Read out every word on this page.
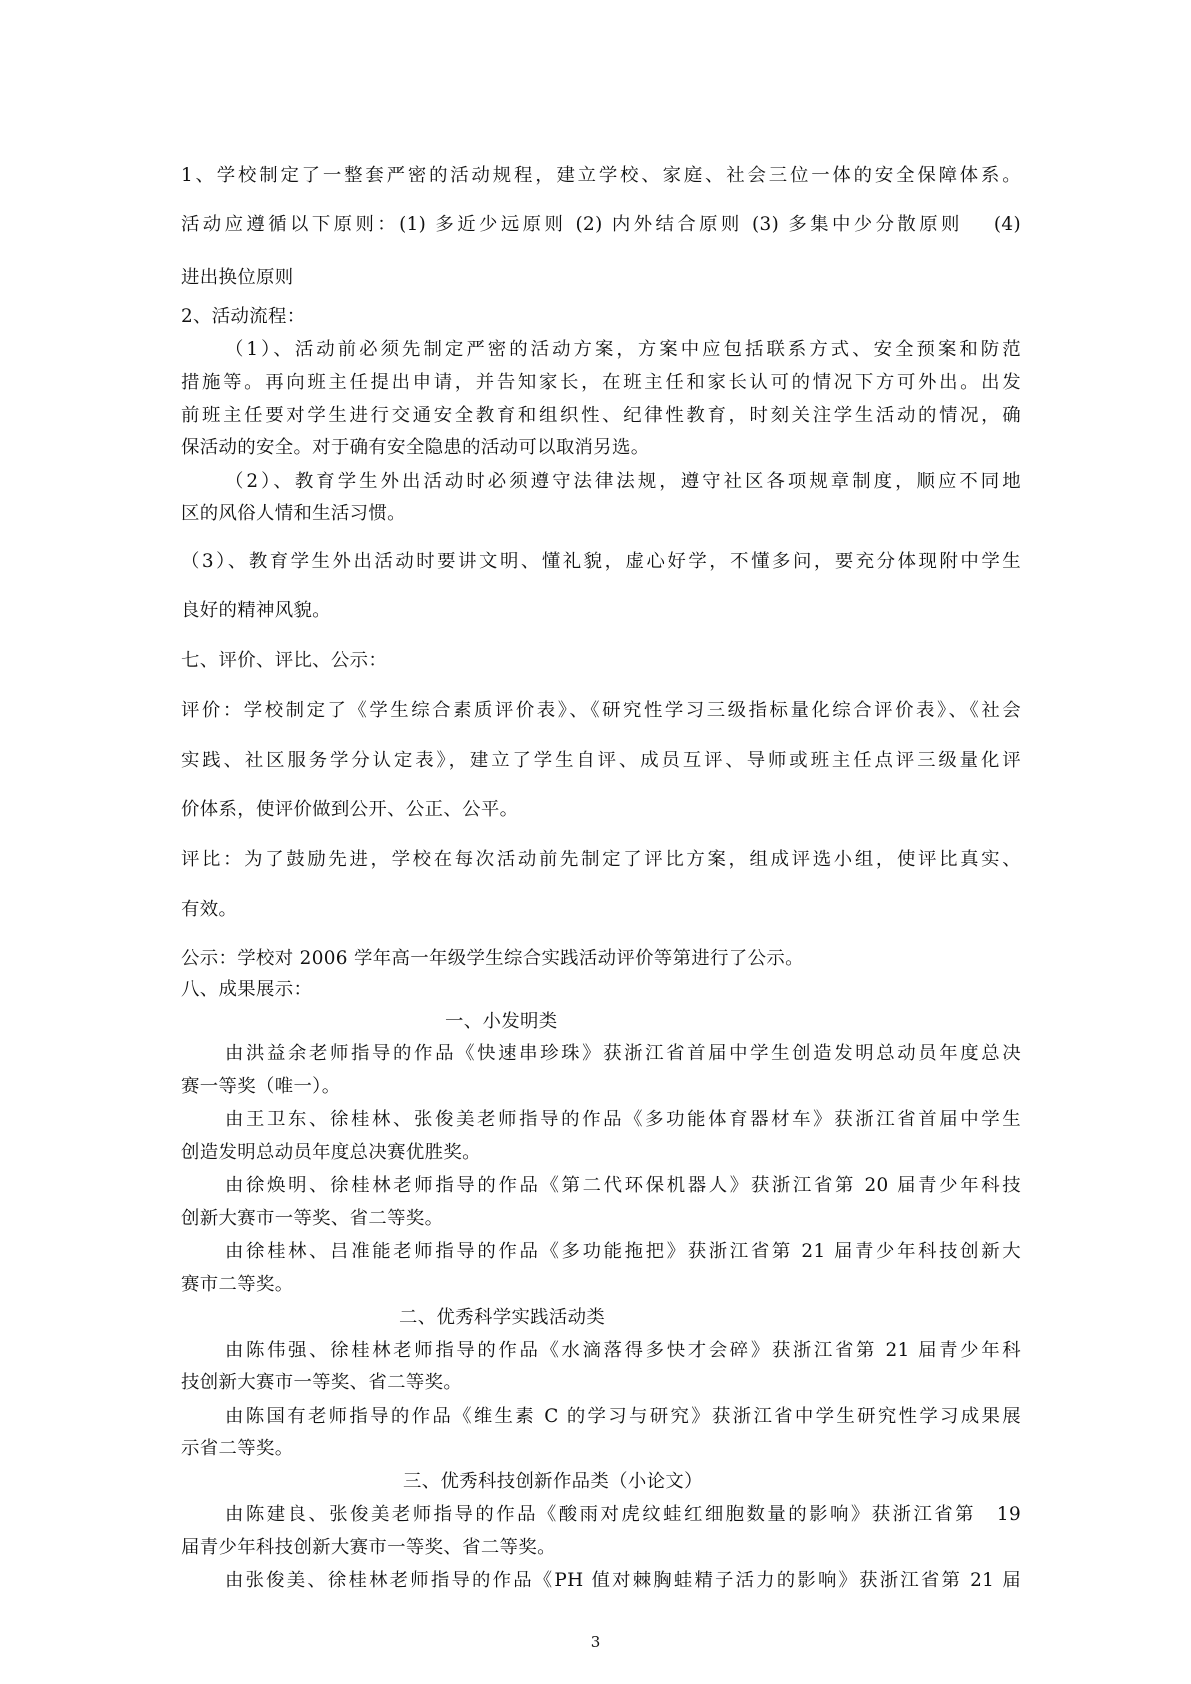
1、学校制定了一整套严密的活动规程，建立学校、家庭、社会三位一体的安全保障体系。
活动应遵循以下原则：(1) 多近少远原则 (2) 内外结合原则 (3) 多集中少分散原则　 (4)
进出换位原则
2、活动流程：
（1）、活动前必须先制定严密的活动方案，方案中应包括联系方式、安全预案和防范
措施等。再向班主任提出申请，并告知家长，在班主任和家长认可的情况下方可外出。出发
前班主任要对学生进行交通安全教育和组织性、纪律性教育，时刻关注学生活动的情况，确
保活动的安全。对于确有安全隐患的活动可以取消另选。
（2）、教育学生外出活动时必须遵守法律法规，遵守社区各项规章制度，顺应不同地
区的风俗人情和生活习惯。
（3）、教育学生外出活动时要讲文明、懂礼貌，虚心好学，不懂多问，要充分体现附中学生
良好的精神风貌。
七、评价、评比、公示：
评价：学校制定了《学生综合素质评价表》、《研究性学习三级指标量化综合评价表》、《社会
实践、社区服务学分认定表》，建立了学生自评、成员互评、导师或班主任点评三级量化评
价体系，使评价做到公开、公正、公平。
评比：为了鼓励先进，学校在每次活动前先制定了评比方案，组成评选小组，使评比真实、
有效。
公示：学校对 2006 学年高一年级学生综合实践活动评价等第进行了公示。
八、成果展示：
一、小发明类
由洪益余老师指导的作品《快速串珍珠》获浙江省首届中学生创造发明总动员年度总决
赛一等奖（唯一）。
由王卫东、徐桂林、张俊美老师指导的作品《多功能体育器材车》获浙江省首届中学生
创造发明总动员年度总决赛优胜奖。
由徐焕明、徐桂林老师指导的作品《第二代环保机器人》获浙江省第 20 届青少年科技
创新大赛市一等奖、省二等奖。
由徐桂林、吕准能老师指导的作品《多功能拖把》获浙江省第 21 届青少年科技创新大
赛市二等奖。
二、优秀科学实践活动类
由陈伟强、徐桂林老师指导的作品《水滴落得多快才会碎》获浙江省第 21 届青少年科
技创新大赛市一等奖、省二等奖。
由陈国有老师指导的作品《维生素 C 的学习与研究》获浙江省中学生研究性学习成果展
示省二等奖。
三、优秀科技创新作品类（小论文）
由陈建良、张俊美老师指导的作品《酸雨对虎纹蛙红细胞数量的影响》获浙江省第　19
届青少年科技创新大赛市一等奖、省二等奖。
由张俊美、徐桂林老师指导的作品《PH 值对棘胸蛙精子活力的影响》获浙江省第 21 届
3
